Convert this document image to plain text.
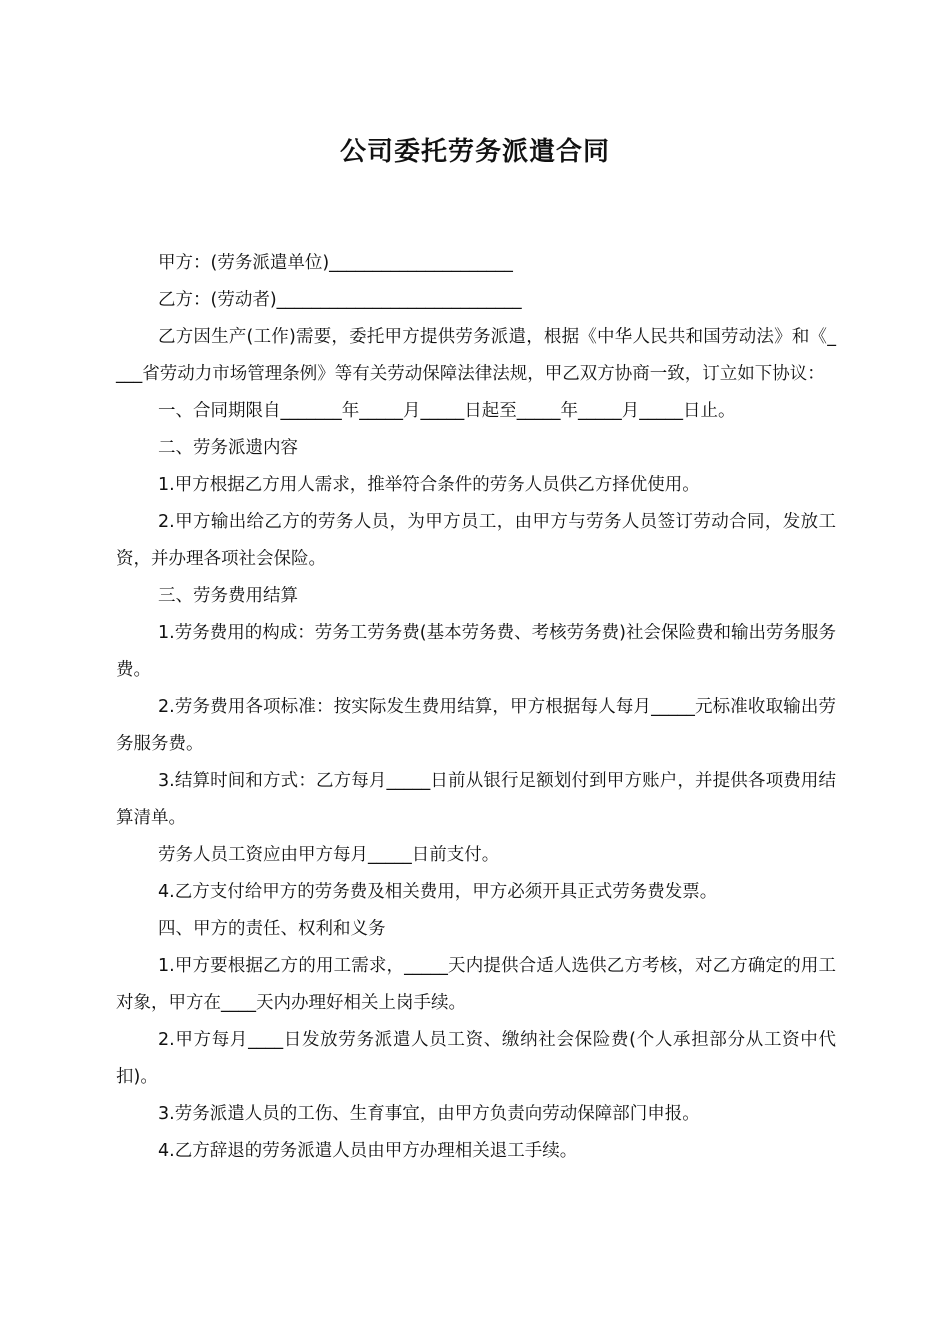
公司委托劳务派遣合同

甲方：(劳务派遣单位)_____________________

乙方：(劳动者)____________________________

乙方因生产(工作)需要，委托甲方提供劳务派遣，根据《中华人民共和国劳动法》和《____省劳动力市场管理条例》等有关劳动保障法律法规，甲乙双方协商一致，订立如下协议：

一、合同期限自_______年_____月_____日起至_____年_____月_____日止。

二、劳务派遗内容

1.甲方根据乙方用人需求，推举符合条件的劳务人员供乙方择优使用。

2.甲方输出给乙方的劳务人员，为甲方员工，由甲方与劳务人员签订劳动合同，发放工资，并办理各项社会保险。

三、劳务费用结算

1.劳务费用的构成：劳务工劳务费(基本劳务费、考核劳务费)社会保险费和输出劳务服务费。

2.劳务费用各项标准：按实际发生费用结算，甲方根据每人每月_____元标准收取输出劳务服务费。

3.结算时间和方式：乙方每月_____日前从银行足额划付到甲方账户，并提供各项费用结算清单。

劳务人员工资应由甲方每月_____日前支付。

4.乙方支付给甲方的劳务费及相关费用，甲方必须开具正式劳务费发票。

四、甲方的责任、权利和义务

1.甲方要根据乙方的用工需求，_____天内提供合适人选供乙方考核，对乙方确定的用工对象，甲方在____天内办理好相关上岗手续。

2.甲方每月____日发放劳务派遣人员工资、缴纳社会保险费(个人承担部分从工资中代扣)。

3.劳务派遣人员的工伤、生育事宜，由甲方负责向劳动保障部门申报。

4.乙方辞退的劳务派遣人员由甲方办理相关退工手续。
